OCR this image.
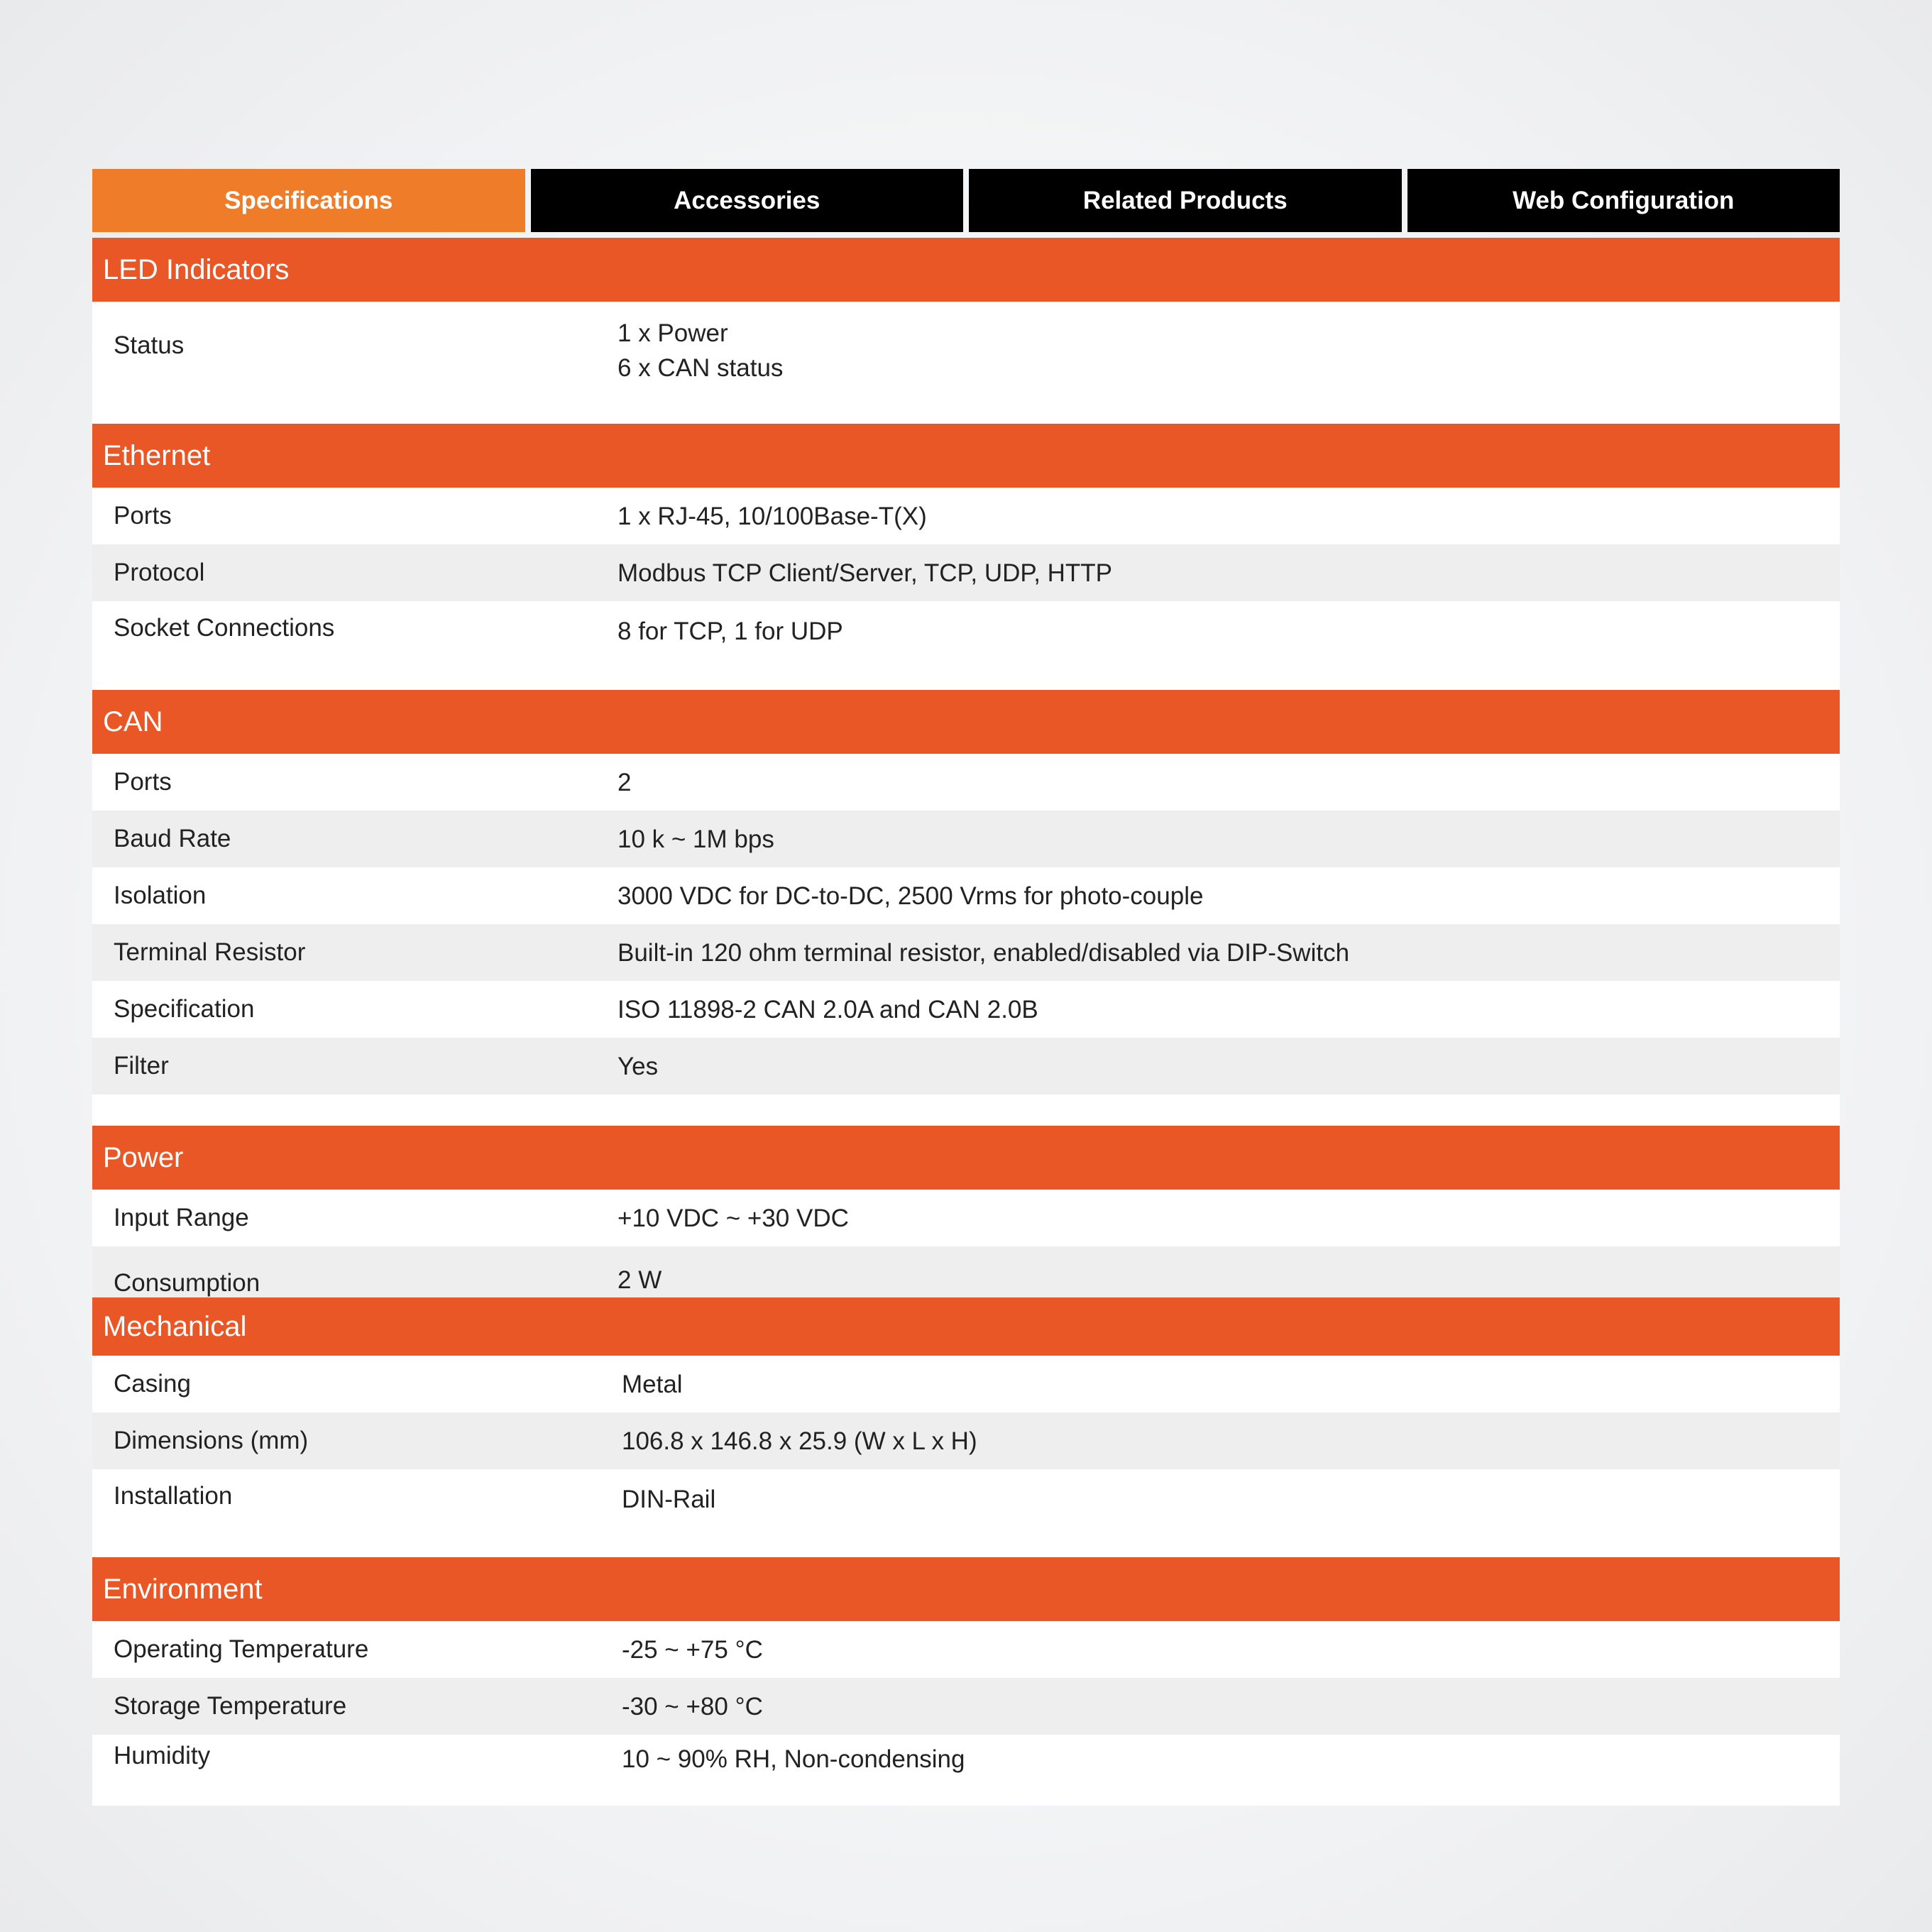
Specifications	Accessories	Related Products	Web Configuration
LED Indicators
Status	1 x Power
6 x CAN status
Ethernet
Ports	1 x RJ-45, 10/100Base-T(X)
Protocol	Modbus TCP Client/Server, TCP, UDP, HTTP
Socket Connections	8 for TCP, 1 for UDP
CAN
Ports	2
Baud Rate	10 k ~ 1M bps
Isolation	3000 VDC for DC-to-DC, 2500 Vrms for photo-couple
Terminal Resistor	Built-in 120 ohm terminal resistor, enabled/disabled via DIP-Switch
Specification	ISO 11898-2 CAN 2.0A and CAN 2.0B
Filter	Yes
Power
Input Range	+10 VDC ~ +30 VDC
Consumption	2 W
Mechanical
Casing	Metal
Dimensions (mm)	106.8 x 146.8 x 25.9 (W x L x H)
Installation	DIN-Rail
Environment
Operating Temperature	-25 ~ +75 °C
Storage Temperature	-30 ~ +80 °C
Humidity	10 ~ 90% RH, Non-condensing
